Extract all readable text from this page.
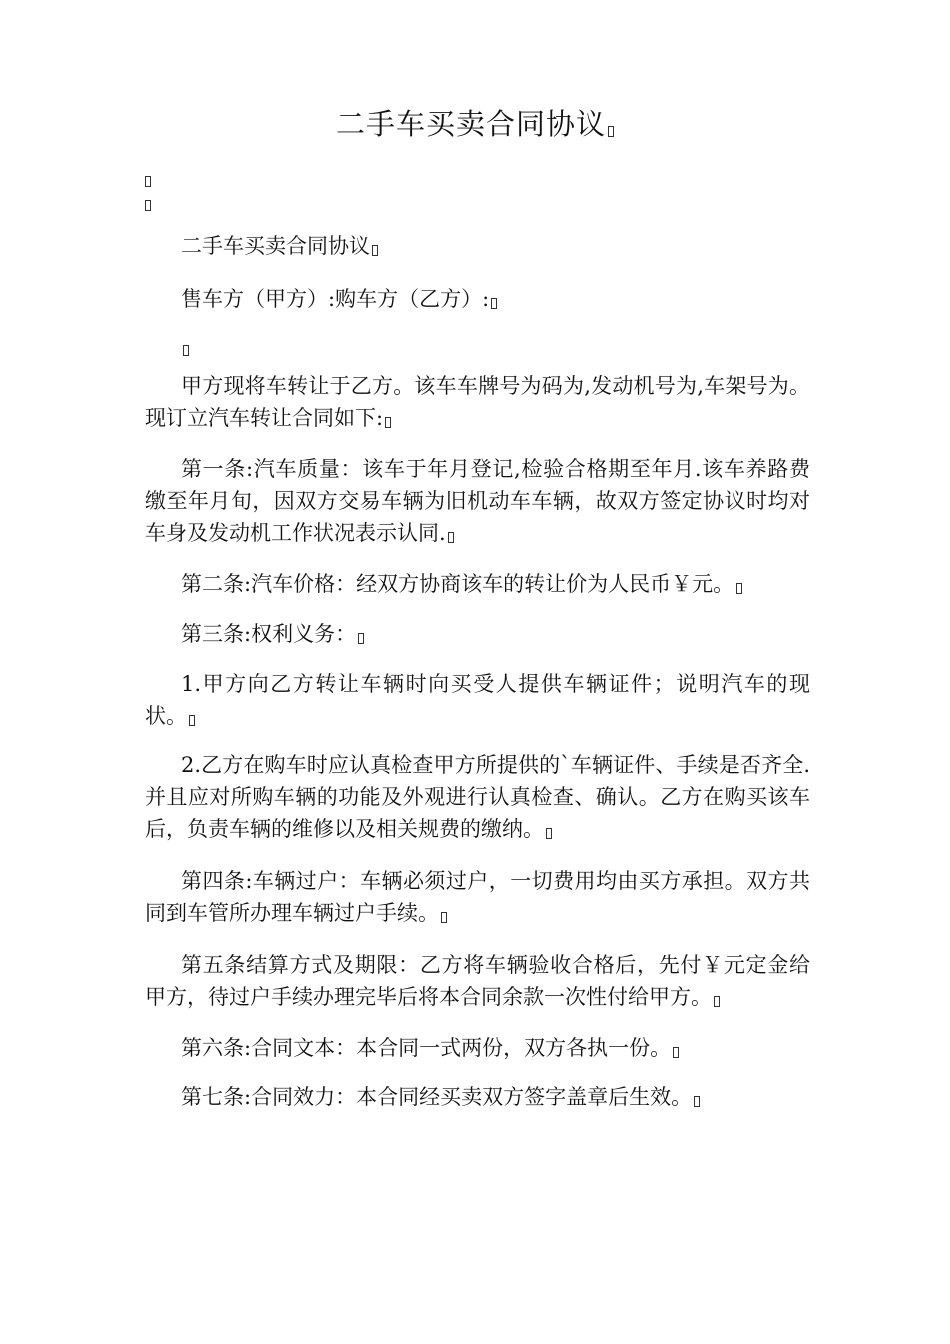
二手车买卖合同协议

二手车买卖合同协议

售车方（甲方）:购车方（乙方）:

甲方现将车转让于乙方。该车车牌号为码为,发动机号为,车架号为。现订立汽车转让合同如下:

第一条:汽车质量：该车于年月登记,检验合格期至年月.该车养路费缴至年月旬，因双方交易车辆为旧机动车车辆，故双方签定协议时均对车身及发动机工作状况表示认同.

第二条:汽车价格：经双方协商该车的转让价为人民币￥元。

第三条:权利义务：

1.甲方向乙方转让车辆时向买受人提供车辆证件；说明汽车的现状。

2.乙方在购车时应认真检查甲方所提供的`车辆证件、手续是否齐全.并且应对所购车辆的功能及外观进行认真检查、确认。乙方在购买该车后，负责车辆的维修以及相关规费的缴纳。

第四条:车辆过户：车辆必须过户，一切费用均由买方承担。双方共同到车管所办理车辆过户手续。

第五条结算方式及期限：乙方将车辆验收合格后，先付￥元定金给甲方，待过户手续办理完毕后将本合同余款一次性付给甲方。

第六条:合同文本：本合同一式两份，双方各执一份。

第七条:合同效力：本合同经买卖双方签字盖章后生效。
